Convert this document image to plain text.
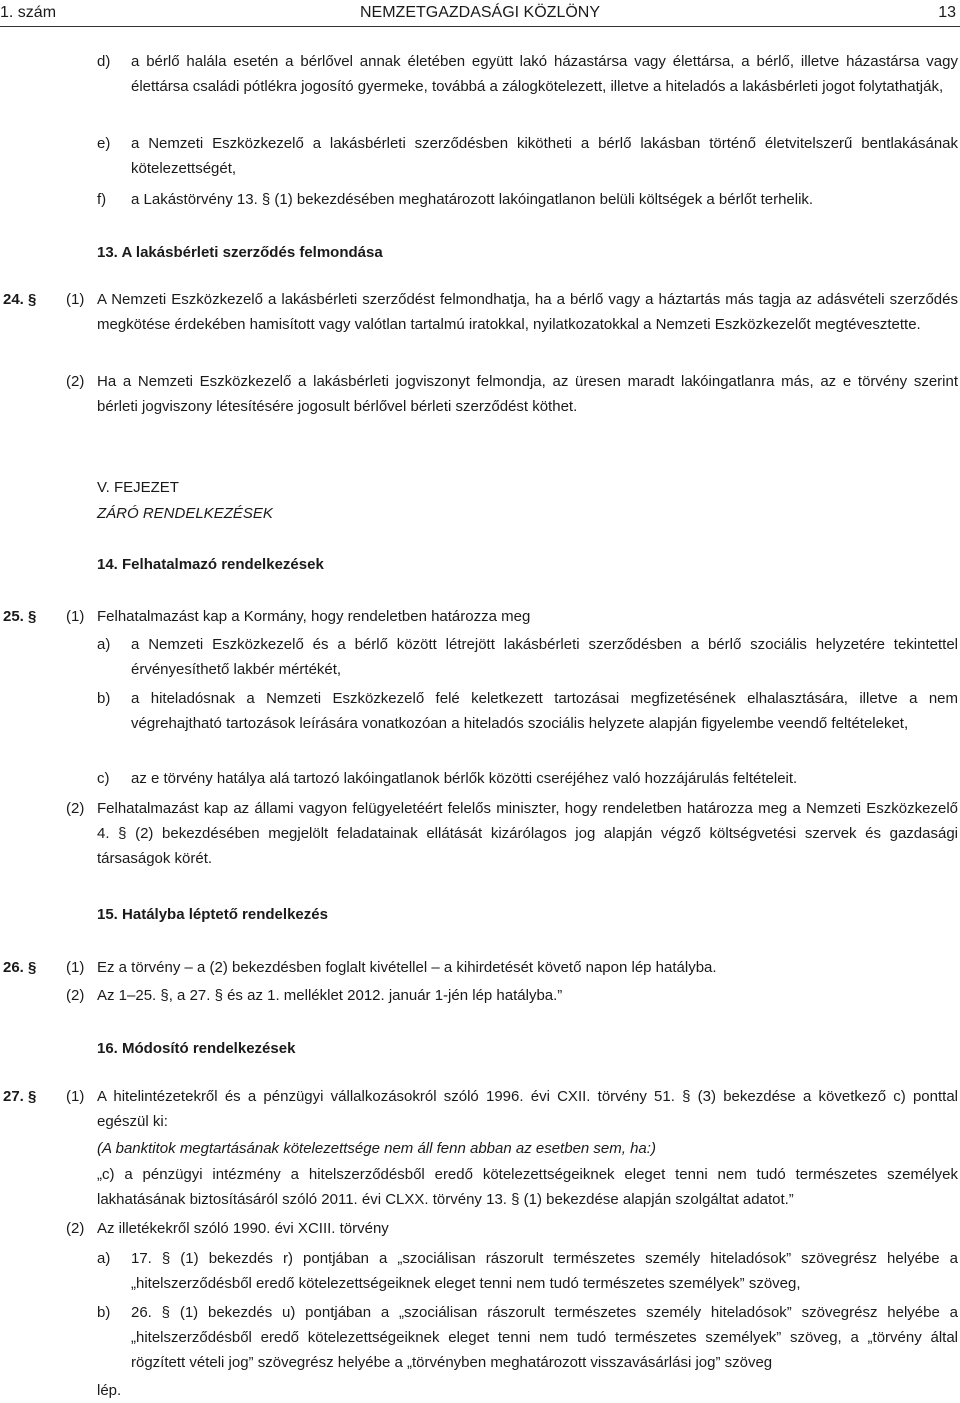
1. szám	NEMZETGAZDASÁGI KÖZLÖNY	13
d) a bérlő halála esetén a bérlővel annak életében együtt lakó házastársa vagy élettársa, a bérlő, illetve házastársa vagy élettársa családi pótlékra jogosító gyermeke, továbbá a zálogkötelezett, illetve a hiteladós a lakásbérleti jogot folytathatják,
e) a Nemzeti Eszközkezelő a lakásbérleti szerződésben kikötheti a bérlő lakásban történő életvitelszerű bentlakásának kötelezettségét,
f) a Lakástörvény 13. § (1) bekezdésében meghatározott lakóingatlanon belüli költségek a bérlőt terhelik.
13. A lakásbérleti szerződés felmondása
24. § (1) A Nemzeti Eszközkezelő a lakásbérleti szerződést felmondhatja, ha a bérlő vagy a háztartás más tagja az adásvételi szerződés megkötése érdekében hamisított vagy valótlan tartalmú iratokkal, nyilatkozatokkal a Nemzeti Eszközkezelőt megtévesztette.
(2) Ha a Nemzeti Eszközkezelő a lakásbérleti jogviszonyt felmondja, az üresen maradt lakóingatlanra más, az e törvény szerint bérleti jogviszony létesítésére jogosult bérlővel bérleti szerződést köthet.
V. FEJEZET
ZÁRÓ RENDELKEZÉSEK
14. Felhatalmazó rendelkezések
25. § (1) Felhatalmazást kap a Kormány, hogy rendeletben határozza meg
a) a Nemzeti Eszközkezelő és a bérlő között létrejött lakásbérleti szerződésben a bérlő szociális helyzetére tekintettel érvényesíthető lakbér mértékét,
b) a hiteladósnak a Nemzeti Eszközkezelő felé keletkezett tartozásai megfizetésének elhalasztására, illetve a nem végrehajtható tartozások leírására vonatkozóan a hiteladós szociális helyzete alapján figyelembe veendő feltételeket,
c) az e törvény hatálya alá tartozó lakóingatlanok bérlők közötti cseréjéhez való hozzájárulás feltételeit.
(2) Felhatalmazást kap az állami vagyon felügyeletéért felelős miniszter, hogy rendeletben határozza meg a Nemzeti Eszközkezelő 4. § (2) bekezdésében megjelölt feladatainak ellátását kizárólagos jog alapján végző költségvetési szervek és gazdasági társaságok körét.
15. Hatályba léptető rendelkezés
26. § (1) Ez a törvény – a (2) bekezdésben foglalt kivétellel – a kihirdetését követő napon lép hatályba.
(2) Az 1–25. §, a 27. § és az 1. melléklet 2012. január 1-jén lép hatályba.”
16. Módosító rendelkezések
27. § (1) A hitelintézetekről és a pénzügyi vállalkozásokról szóló 1996. évi CXII. törvény 51. § (3) bekezdése a következő c) ponttal egészül ki:
(A banktitok megtartásának kötelezettsége nem áll fenn abban az esetben sem, ha:)
„c) a pénzügyi intézmény a hitelszerződésből eredő kötelezettségeiknek eleget tenni nem tudó természetes személyek lakhatásának biztosításáról szóló 2011. évi CLXX. törvény 13. § (1) bekezdése alapján szolgáltat adatot.”
(2) Az illetékekről szóló 1990. évi XCIII. törvény
a) 17. § (1) bekezdés r) pontjában a „szociálisan rászorult természetes személy hiteladósok” szövegrész helyébe a „hitelszerződésből eredő kötelezettségeiknek eleget tenni nem tudó természetes személyek” szöveg,
b) 26. § (1) bekezdés u) pontjában a „szociálisan rászorult természetes személy hiteladósok” szövegrész helyébe a „hitelszerződésből eredő kötelezettségeiknek eleget tenni nem tudó természetes személyek” szöveg, a „törvény által rögzített vételi jog” szövegrész helyébe a „törvényben meghatározott visszavásárlási jog” szöveg
lép.
